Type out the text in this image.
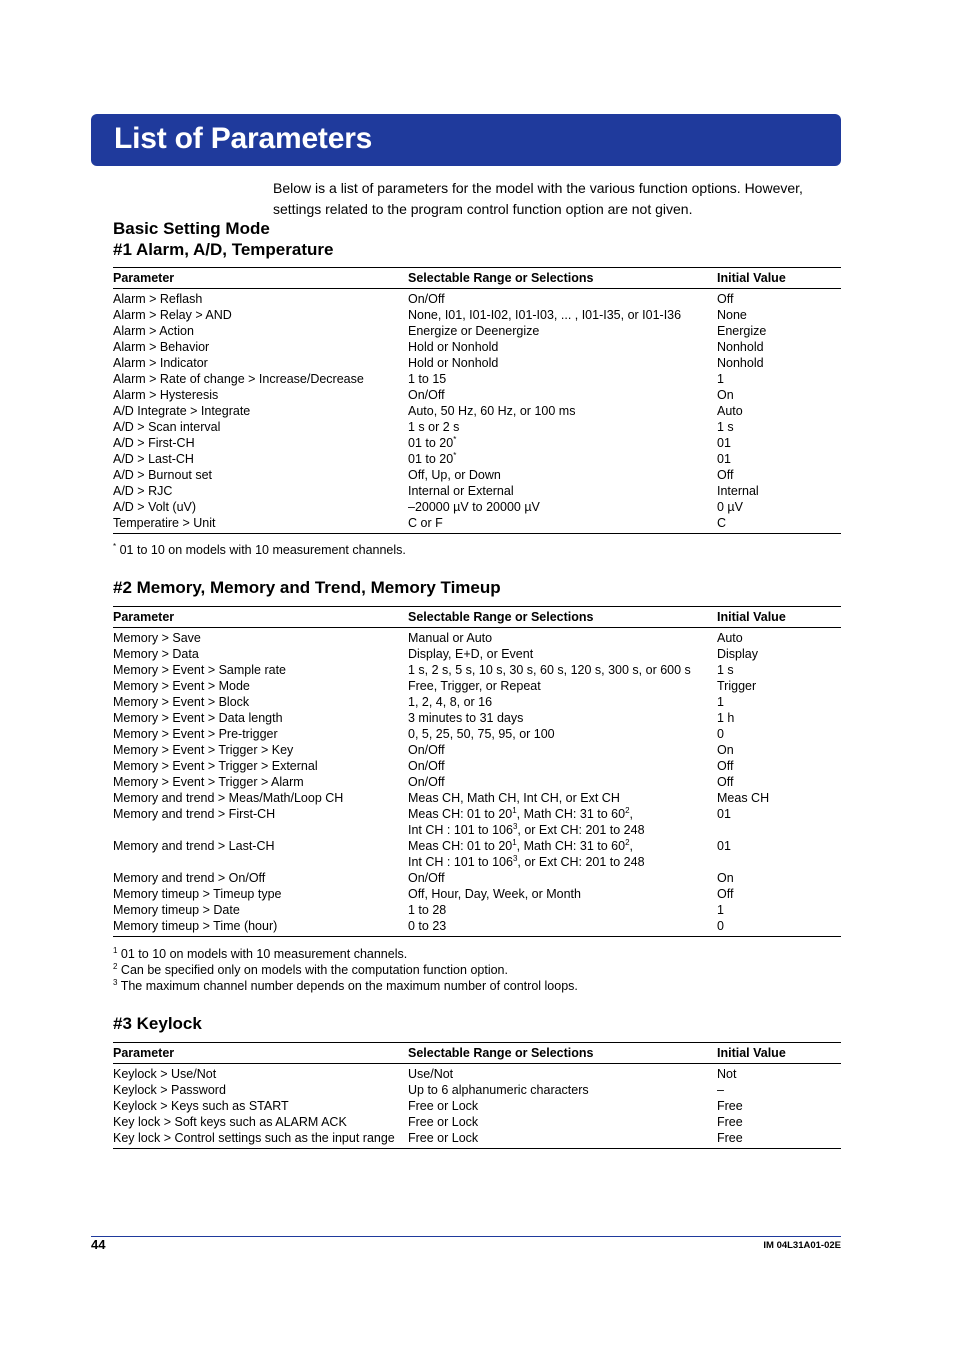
List of Parameters
Below is a list of parameters for the model with the various function options. However, settings related to the program control function option are not given.
Basic Setting Mode
#1 Alarm, A/D, Temperature
Parameter	Selectable Range or Selections	Initial Value
Alarm > Reflash	On/Off	Off
Alarm > Relay > AND	None, I01, I01-I02, I01-I03, ... , I01-I35, or I01-I36	None
Alarm > Action	Energize or Deenergize	Energize
Alarm > Behavior	Hold or Nonhold	Nonhold
Alarm > Indicator	Hold or Nonhold	Nonhold
Alarm > Rate of change > Increase/Decrease	1 to 15	1
Alarm > Hysteresis	On/Off	On
A/D Integrate > Integrate	Auto, 50 Hz, 60 Hz, or 100 ms	Auto
A/D > Scan interval	1 s or 2 s	1 s
A/D > First-CH	01 to 20*	01
A/D > Last-CH	01 to 20*	01
A/D > Burnout set	Off, Up, or Down	Off
A/D > RJC	Internal or External	Internal
A/D > Volt (uV)	–20000 µV to 20000 µV	0 µV
Temperatire > Unit	C or F	C
* 01 to 10 on models with 10 measurement channels.
#2 Memory, Memory and Trend, Memory Timeup
Parameter	Selectable Range or Selections	Initial Value
Memory > Save	Manual or Auto	Auto
Memory > Data	Display, E+D, or Event	Display
Memory > Event > Sample rate	1 s, 2 s, 5 s, 10 s, 30 s, 60 s, 120 s, 300 s, or 600 s	1 s
Memory > Event > Mode	Free, Trigger, or Repeat	Trigger
Memory > Event > Block	1, 2, 4, 8, or 16	1
Memory > Event > Data length	3 minutes to 31 days	1 h
Memory > Event > Pre-trigger	0, 5, 25, 50, 75, 95, or 100	0
Memory > Event > Trigger > Key	On/Off	On
Memory > Event > Trigger > External	On/Off	Off
Memory > Event > Trigger > Alarm	On/Off	Off
Memory and trend > Meas/Math/Loop CH	Meas CH, Math CH, Int CH, or Ext CH	Meas CH
Memory and trend > First-CH	Meas CH: 01 to $20^1$, Math CH: 31 to $60^2$,
Int CH : 101 to $106^3$, or Ext CH: 201 to 248	01
Memory and trend > Last-CH	Meas CH: 01 to $20^1$, Math CH: 31 to $60^2$,
Int CH : 101 to $106^3$, or Ext CH: 201 to 248	01
Memory and trend > On/Off	On/Off	On
Memory timeup > Timeup type	Off, Hour, Day, Week, or Month	Off
Memory timeup > Date	1 to 28	1
Memory timeup > Time (hour)	0 to 23	0
$^1$ 01 to 10 on models with 10 measurement channels.
$^2$ Can be specified only on models with the computation function option.
$^3$ The maximum channel number depends on the maximum number of control loops.
#3 Keylock
Parameter	Selectable Range or Selections	Initial Value
Keylock > Use/Not	Use/Not	Not
Keylock > Password	Up to 6 alphanumeric characters	–
Keylock > Keys such as START	Free or Lock	Free
Key lock > Soft keys such as ALARM ACK	Free or Lock	Free
Key lock > Control settings such as the input range	Free or Lock	Free
44	IM 04L31A01-02E
